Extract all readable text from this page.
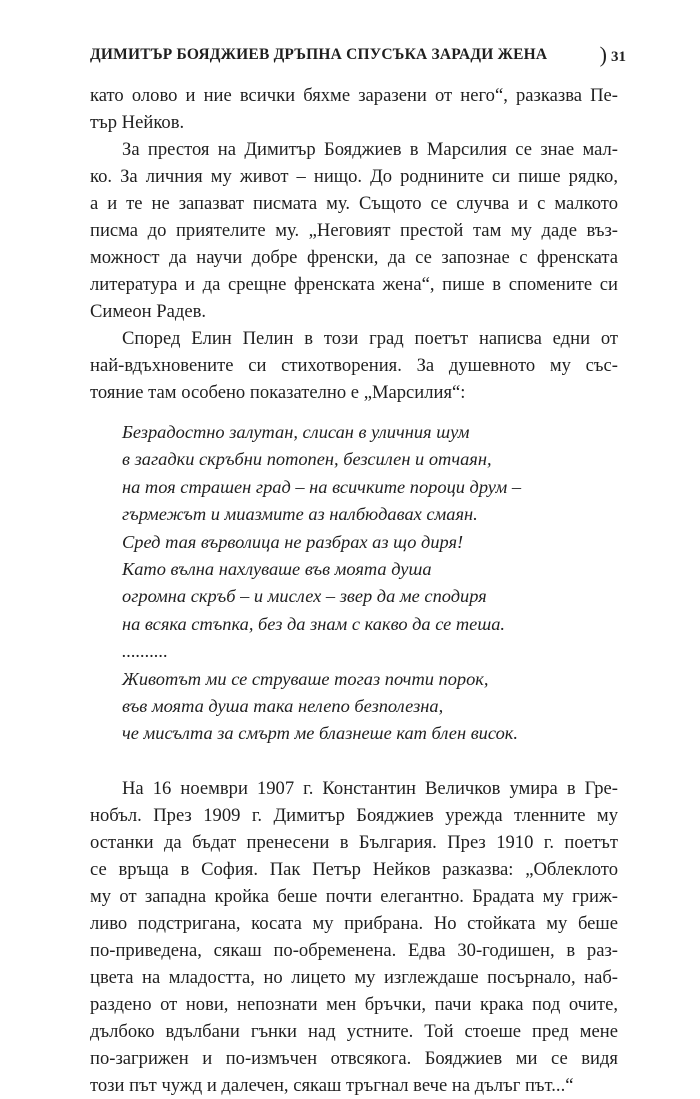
ДИМИТЪР БОЯДЖИЕВ ДРЪПНА СПУСЪКА ЗАРАДИ ЖЕНА ) 31

като олово и ние всички бяхме заразени от него“, разказва Пе-
тър Нейков.

За престоя на Димитър Бояджиев в Марсилия се знае мал-
ко. За личния му живот – нищо. До роднините си пише рядко,
а и те не запазват писмата му. Същото се случва и с малкото
писма до приятелите му. „Неговият престой там му даде въз-
можност да научи добре френски, да се запознае с френската
литература и да срещне френската жена“, пише в спомените си
Симеон Радев.

Според Елин Пелин в този град поетът написва едни от
най-вдъхновените си стихотворения. За душевното му със-
тояние там особено показателно е „Марсилия“:

Безрадостно залутан, слисан в уличния шум
в загадки скръбни потопен, безсилен и отчаян,
на тоя страшен град – на всичките пороци друм –
гърмежът и миазмите аз налбюдавах смаян.
Сред тая върволица не разбрах аз що диря!
Като вълна нахлуваше във моята душа
огромна скръб – и мислех – звер да ме сподиря
на всяка стъпка, без да знам с какво да се теша.
..........
Животът ми се струваше тогаз почти порок,
във моята душа така нелепо безполезна,
че мисълта за смърт ме блазнеше кат блен висок.

На 16 ноември 1907 г. Константин Величков умира в Гре-
нобъл. През 1909 г. Димитър Бояджиев урежда тленните му
останки да бъдат пренесени в България. През 1910 г. поетът
се връща в София. Пак Петър Нейков разказва: „Облеклото
му от западна кройка беше почти елегантно. Брадата му гриж-
ливо подстригана, косата му прибрана. Но стойката му беше
по-приведена, сякаш по-обременена. Едва 30-годишен, в раз-
цвета на младостта, но лицето му изглеждаше посърнало, наб-
раздено от нови, непознати мен бръчки, пачи крака под очите,
дълбоко вдълбани гънки над устните. Той стоеше пред мене
по-загрижен и по-измъчен отвсякога. Бояджиев ми се видя
този път чужд и далечен, сякаш тръгнал вече на дълъг път...“
